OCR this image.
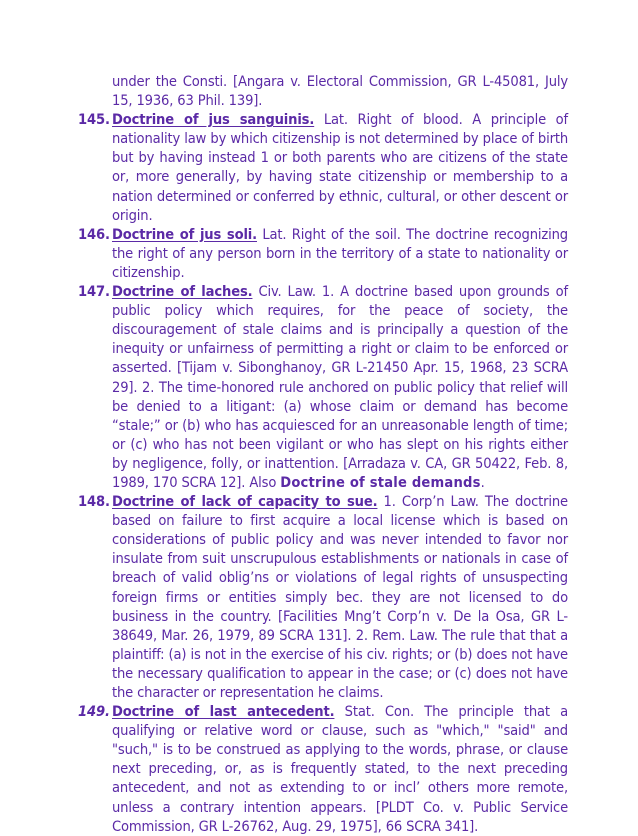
under the Consti. [Angara v. Electoral Commission, GR L-45081, July 15, 1936, 63 Phil. 139].
145. Doctrine of jus sanguinis. Lat. Right of blood. A principle of nationality law by which citizenship is not determined by place of birth but by having instead 1 or both parents who are citizens of the state or, more generally, by having state citizenship or membership to a nation determined or conferred by ethnic, cultural, or other descent or origin.
146. Doctrine of jus soli. Lat. Right of the soil. The doctrine recognizing the right of any person born in the territory of a state to nationality or citizenship.
147. Doctrine of laches. Civ. Law. 1. A doctrine based upon grounds of public policy which requires, for the peace of society, the discouragement of stale claims and is principally a question of the inequity or unfairness of permitting a right or claim to be enforced or asserted. [Tijam v. Sibonghanoy, GR L-21450 Apr. 15, 1968, 23 SCRA 29]. 2. The time-honored rule anchored on public policy that relief will be denied to a litigant: (a) whose claim or demand has become “stale;” or (b) who has acquiesced for an unreasonable length of time; or (c) who has not been vigilant or who has slept on his rights either by negligence, folly, or inattention. [Arradaza v. CA, GR 50422, Feb. 8, 1989, 170 SCRA 12]. Also Doctrine of stale demands.
148. Doctrine of lack of capacity to sue. 1. Corp’n Law. The doctrine based on failure to first acquire a local license which is based on considerations of public policy and was never intended to favor nor insulate from suit unscrupulous establishments or nationals in case of breach of valid oblig’ns or violations of legal rights of unsuspecting foreign firms or entities simply bec. they are not licensed to do business in the country. [Facilities Mng’t Corp’n v. De la Osa, GR L-38649, Mar. 26, 1979, 89 SCRA 131]. 2. Rem. Law. The rule that that a plaintiff: (a) is not in the exercise of his civ. rights; or (b) does not have the necessary qualification to appear in the case; or (c) does not have the character or representation he claims.
149. Doctrine of last antecedent. Stat. Con. The principle that a qualifying or relative word or clause, such as "which," "said" and "such," is to be construed as applying to the words, phrase, or clause next preceding, or, as is frequently stated, to the next preceding antecedent, and not as extending to or incl’ others more remote, unless a contrary intention appears. [PLDT Co. v. Public Service Commission, GR L-26762, Aug. 29, 1975], 66 SCRA 341].
